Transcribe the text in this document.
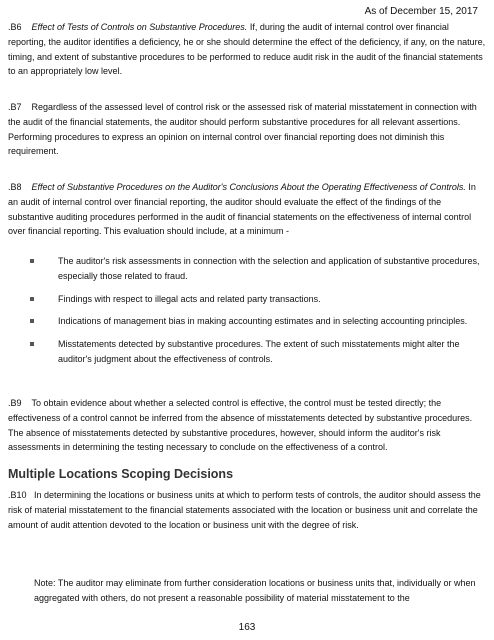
As of December 15, 2017

.B6 Effect of Tests of Controls on Substantive Procedures. If, during the audit of internal control over financial reporting, the auditor identifies a deficiency, he or she should determine the effect of the deficiency, if any, on the nature, timing, and extent of substantive procedures to be performed to reduce audit risk in the audit of the financial statements to an appropriately low level.

.B7 Regardless of the assessed level of control risk or the assessed risk of material misstatement in connection with the audit of the financial statements, the auditor should perform substantive procedures for all relevant assertions. Performing procedures to express an opinion on internal control over financial reporting does not diminish this requirement.

.B8 Effect of Substantive Procedures on the Auditor's Conclusions About the Operating Effectiveness of Controls. In an audit of internal control over financial reporting, the auditor should evaluate the effect of the findings of the substantive auditing procedures performed in the audit of financial statements on the effectiveness of internal control over financial reporting. This evaluation should include, at a minimum -

The auditor's risk assessments in connection with the selection and application of substantive procedures, especially those related to fraud.
Findings with respect to illegal acts and related party transactions.
Indications of management bias in making accounting estimates and in selecting accounting principles.
Misstatements detected by substantive procedures. The extent of such misstatements might alter the auditor's judgment about the effectiveness of controls.

.B9 To obtain evidence about whether a selected control is effective, the control must be tested directly; the effectiveness of a control cannot be inferred from the absence of misstatements detected by substantive procedures. The absence of misstatements detected by substantive procedures, however, should inform the auditor's risk assessments in determining the testing necessary to conclude on the effectiveness of a control.

Multiple Locations Scoping Decisions

.B10 In determining the locations or business units at which to perform tests of controls, the auditor should assess the risk of material misstatement to the financial statements associated with the location or business unit and correlate the amount of audit attention devoted to the location or business unit with the degree of risk.

Note: The auditor may eliminate from further consideration locations or business units that, individually or when aggregated with others, do not present a reasonable possibility of material misstatement to the

163
